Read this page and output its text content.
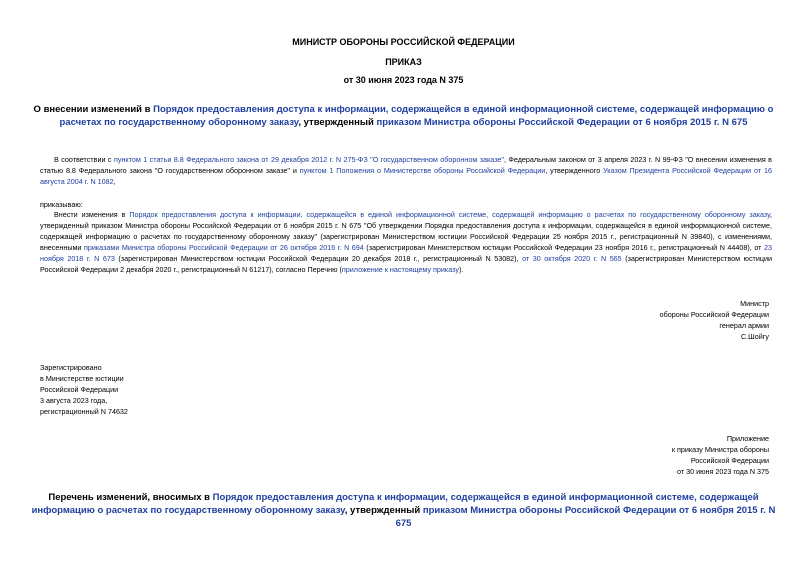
МИНИСТР ОБОРОНЫ РОССИЙСКОЙ ФЕДЕРАЦИИ
ПРИКАЗ
от 30 июня 2023 года N 375
О внесении изменений в Порядок предоставления доступа к информации, содержащейся в единой информационной системе, содержащей информацию о расчетах по государственному оборонному заказу, утвержденный приказом Министра обороны Российской Федерации от 6 ноября 2015 г. N 675
В соответствии с пунктом 1 статьи 8.8 Федерального закона от 29 декабря 2012 г. N 275-ФЗ "О государственном оборонном заказе", Федеральным законом от 3 апреля 2023 г. N 99-ФЗ "О внесении изменения в статью 8.8 Федерального закона "О государственном оборонном заказе" и пунктом 1 Положения о Министерстве обороны Российской Федерации, утвержденного Указом Президента Российской Федерации от 16 августа 2004 г. N 1082,
приказываю:
Внести изменения в Порядок предоставления доступа к информации, содержащейся в единой информационной системе, содержащей информацию о расчетах по государственному оборонному заказу, утвержденный приказом Министра обороны Российской Федерации от 6 ноября 2015 г. N 675 "Об утверждении Порядка предоставления доступа к информации, содержащейся в единой информационной системе, содержащей информацию о расчетах по государственному оборонному заказу" (зарегистрирован Министерством юстиции Российской Федерации 25 ноября 2015 г., регистрационный N 39840), с изменениями, внесенными приказами Министра обороны Российской Федерации от 26 октября 2016 г. N 694 (зарегистрирован Министерством юстиции Российской Федерации 23 ноября 2016 г., регистрационный N 44408), от 23 ноября 2018 г. N 673 (зарегистрирован Министерством юстиции Российской Федерации 20 декабря 2018 г., регистрационный N 53082), от 30 октября 2020 г. N 565 (зарегистрирован Министерством юстиции Российской Федерации 2 декабря 2020 г., регистрационный N 61217), согласно Перечню (приложение к настоящему приказу).
Министр
обороны Российской Федерации
генерал армии
С.Шойгу
Зарегистрировано
в Министерстве юстиции
Российской Федерации
3 августа 2023 года,
регистрационный N 74632
Приложение
к приказу Министра обороны
Российской Федерации
от 30 июня 2023 года N 375
Перечень изменений, вносимых в Порядок предоставления доступа к информации, содержащейся в единой информационной системе, содержащей информацию о расчетах по государственному оборонному заказу, утвержденный приказом Министра обороны Российской Федерации от 6 ноября 2015 г. N 675
